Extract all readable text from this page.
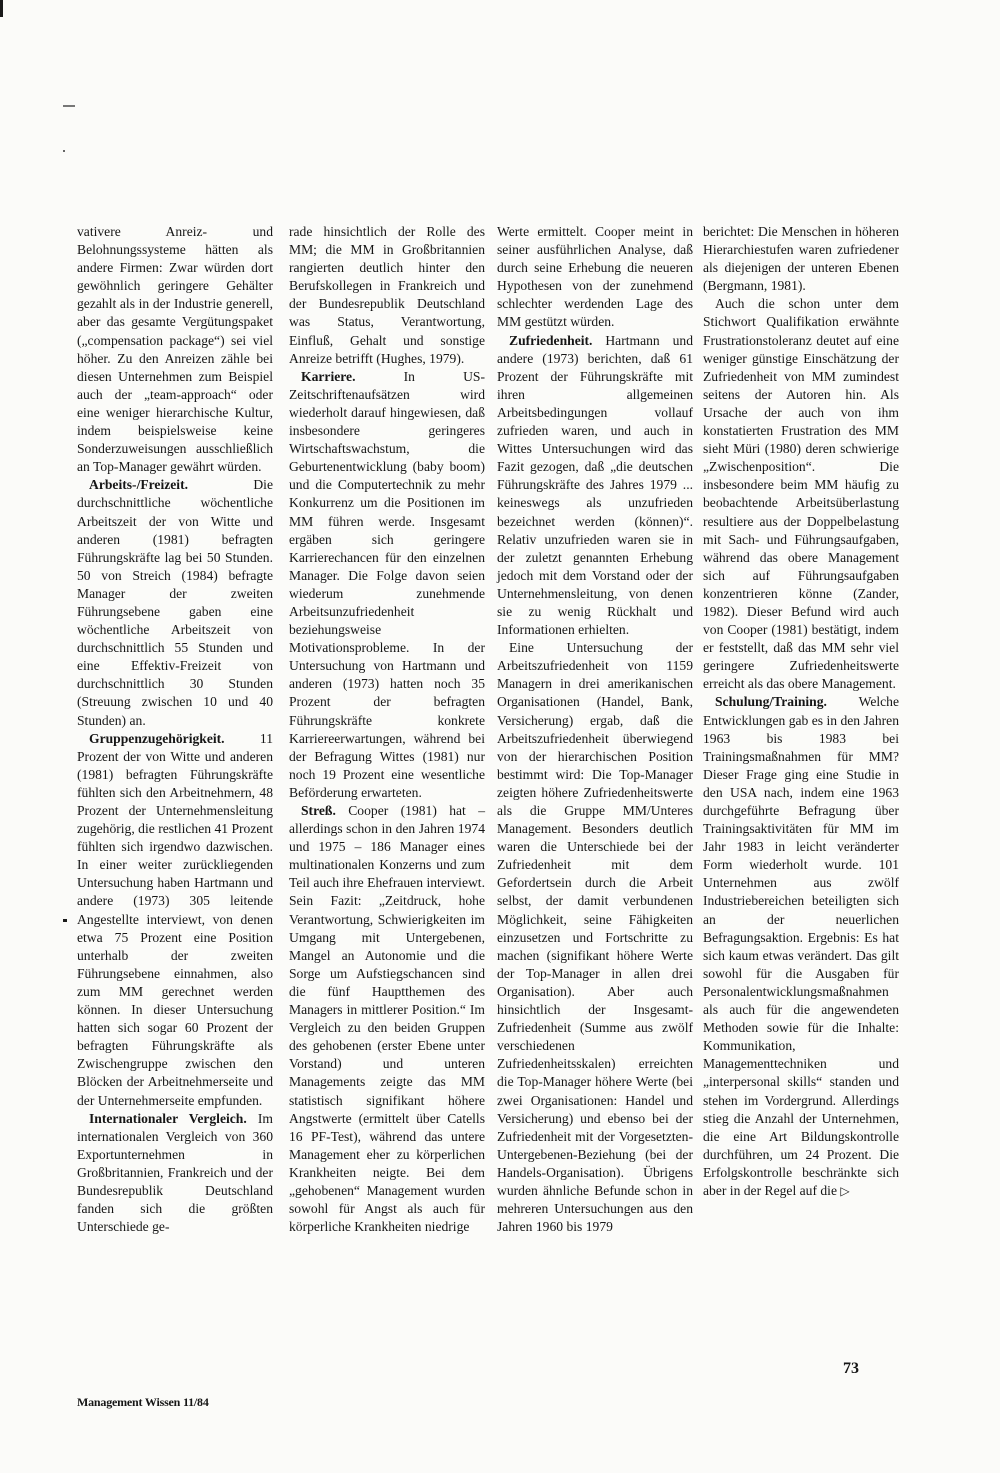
vativere Anreiz- und Belohnungssysteme hätten als andere Firmen: Zwar würden dort gewöhnlich geringere Gehälter gezahlt als in der Industrie generell, aber das gesamte Vergütungspaket („compensation package“) sei viel höher. Zu den Anreizen zähle bei diesen Unternehmen zum Beispiel auch der „team-approach“ oder eine weniger hierarchische Kultur, indem beispielsweise keine Sonderzuweisungen ausschließlich an Top-Manager gewährt würden.

Arbeits-/Freizeit. Die durchschnittliche wöchentliche Arbeitszeit der von Witte und anderen (1981) befragten Führungskräfte lag bei 50 Stunden. 50 von Streich (1984) befragte Manager der zweiten Führungsebene gaben eine wöchentliche Arbeitszeit von durchschnittlich 55 Stunden und eine Effektiv-Freizeit von durchschnittlich 30 Stunden (Streuung zwischen 10 und 40 Stunden) an.

Gruppenzugehörigkeit. 11 Prozent der von Witte und anderen (1981) befragten Führungskräfte fühlten sich den Arbeitnehmern, 48 Prozent der Unternehmensleitung zugehörig, die restlichen 41 Prozent fühlten sich irgendwo dazwischen. In einer weiter zurückliegenden Untersuchung haben Hartmann und andere (1973) 305 leitende Angestellte interviewt, von denen etwa 75 Prozent eine Position unterhalb der zweiten Führungsebene einnahmen, also zum MM gerechnet werden können. In dieser Untersuchung hatten sich sogar 60 Prozent der befragten Führungskräfte als Zwischengruppe zwischen den Blöcken der Arbeitnehmerseite und der Unternehmerseite empfunden.

Internationaler Vergleich. Im internationalen Vergleich von 360 Exportunternehmen in Großbritannien, Frankreich und der Bundesrepublik Deutschland fanden sich die größten Unterschiede ge-

rade hinsichtlich der Rolle des MM; die MM in Großbritannien rangierten deutlich hinter den Berufskollegen in Frankreich und der Bundesrepublik Deutschland was Status, Verantwortung, Einfluß, Gehalt und sonstige Anreize betrifft (Hughes, 1979).

Karriere. In US-Zeitschriftenaufsätzen wird wiederholt darauf hingewiesen, daß insbesondere geringeres Wirtschaftswachstum, die Geburtenentwicklung (baby boom) und die Computertechnik zu mehr Konkurrenz um die Positionen im MM führen werde. Insgesamt ergäben sich geringere Karrierechancen für den einzelnen Manager. Die Folge davon seien wiederum zunehmende Arbeitsunzufriedenheit beziehungsweise Motivationsprobleme. In der Untersuchung von Hartmann und anderen (1973) hatten noch 35 Prozent der befragten Führungskräfte konkrete Karriereerwartungen, während bei der Befragung Wittes (1981) nur noch 19 Prozent eine wesentliche Beförderung erwarteten.

Streß. Cooper (1981) hat – allerdings schon in den Jahren 1974 und 1975 – 186 Manager eines multinationalen Konzerns und zum Teil auch ihre Ehefrauen interviewt. Sein Fazit: „Zeitdruck, hohe Verantwortung, Schwierigkeiten im Umgang mit Untergebenen, Mangel an Autonomie und die Sorge um Aufstiegschancen sind die fünf Hauptthemen des Managers in mittlerer Position.“ Im Vergleich zu den beiden Gruppen des gehobenen (erster Ebene unter Vorstand) und unteren Managements zeigte das MM statistisch signifikant höhere Angstwerte (ermittelt über Catells 16 PF-Test), während das untere Management eher zu körperlichen Krankheiten neigte. Bei dem „gehobenen“ Management wurden sowohl für Angst als auch für körperliche Krankheiten niedrige

Werte ermittelt. Cooper meint in seiner ausführlichen Analyse, daß durch seine Erhebung die neueren Hypothesen von der zunehmend schlechter werdenden Lage des MM gestützt würden.

Zufriedenheit. Hartmann und andere (1973) berichten, daß 61 Prozent der Führungskräfte mit ihren allgemeinen Arbeitsbedingungen vollauf zufrieden waren, und auch in Wittes Untersuchungen wird das Fazit gezogen, daß „die deutschen Führungskräfte des Jahres 1979 ... keineswegs als unzufrieden bezeichnet werden (können)“. Relativ unzufrieden waren sie in der zuletzt genannten Erhebung jedoch mit dem Vorstand oder der Unternehmensleitung, von denen sie zu wenig Rückhalt und Informationen erhielten.

Eine Untersuchung der Arbeitszufriedenheit von 1159 Managern in drei amerikanischen Organisationen (Handel, Bank, Versicherung) ergab, daß die Arbeitszufriedenheit überwiegend von der hierarchischen Position bestimmt wird: Die Top-Manager zeigten höhere Zufriedenheitswerte als die Gruppe MM/Unteres Management. Besonders deutlich waren die Unterschiede bei der Zufriedenheit mit dem Gefordertsein durch die Arbeit selbst, der damit verbundenen Möglichkeit, seine Fähigkeiten einzusetzen und Fortschritte zu machen (signifikant höhere Werte der Top-Manager in allen drei Organisation). Aber auch hinsichtlich der Insgesamt-Zufriedenheit (Summe aus zwölf verschiedenen Zufriedenheitsskalen) erreichten die Top-Manager höhere Werte (bei zwei Organisationen: Handel und Versicherung) und ebenso bei der Zufriedenheit mit der Vorgesetzten-Untergebenen-Beziehung (bei der Handels-Organisation). Übrigens wurden ähnliche Befunde schon in mehreren Untersuchungen aus den Jahren 1960 bis 1979

berichtet: Die Menschen in höheren Hierarchiestufen waren zufriedener als diejenigen der unteren Ebenen (Bergmann, 1981).

Auch die schon unter dem Stichwort Qualifikation erwähnte Frustrationstoleranz deutet auf eine weniger günstige Einschätzung der Zufriedenheit von MM zumindest seitens der Autoren hin. Als Ursache der auch von ihm konstatierten Frustration des MM sieht Müri (1980) deren schwierige „Zwischenposition“. Die insbesondere beim MM häufig zu beobachtende Arbeitsüberlastung resultiere aus der Doppelbelastung mit Sach- und Führungsaufgaben, während das obere Management sich auf Führungsaufgaben konzentrieren könne (Zander, 1982). Dieser Befund wird auch von Cooper (1981) bestätigt, indem er feststellt, daß das MM sehr viel geringere Zufriedenheitswerte erreicht als das obere Management.

Schulung/Training. Welche Entwicklungen gab es in den Jahren 1963 bis 1983 bei Trainingsmaßnahmen für MM? Dieser Frage ging eine Studie in den USA nach, indem eine 1963 durchgeführte Befragung über Trainingsaktivitäten für MM im Jahr 1983 in leicht veränderter Form wiederholt wurde. 101 Unternehmen aus zwölf Industriebereichen beteiligten sich an der neuerlichen Befragungsaktion. Ergebnis: Es hat sich kaum etwas verändert. Das gilt sowohl für die Ausgaben für Personalentwicklungsmaßnahmen als auch für die angewendeten Methoden sowie für die Inhalte: Kommunikation, Managementtechniken und „interpersonal skills“ standen und stehen im Vordergrund. Allerdings stieg die Anzahl der Unternehmen, die eine Art Bildungskontrolle durchführen, um 24 Prozent. Die Erfolgskontrolle beschränkte sich aber in der Regel auf die ▷

73
Management Wissen 11/84
